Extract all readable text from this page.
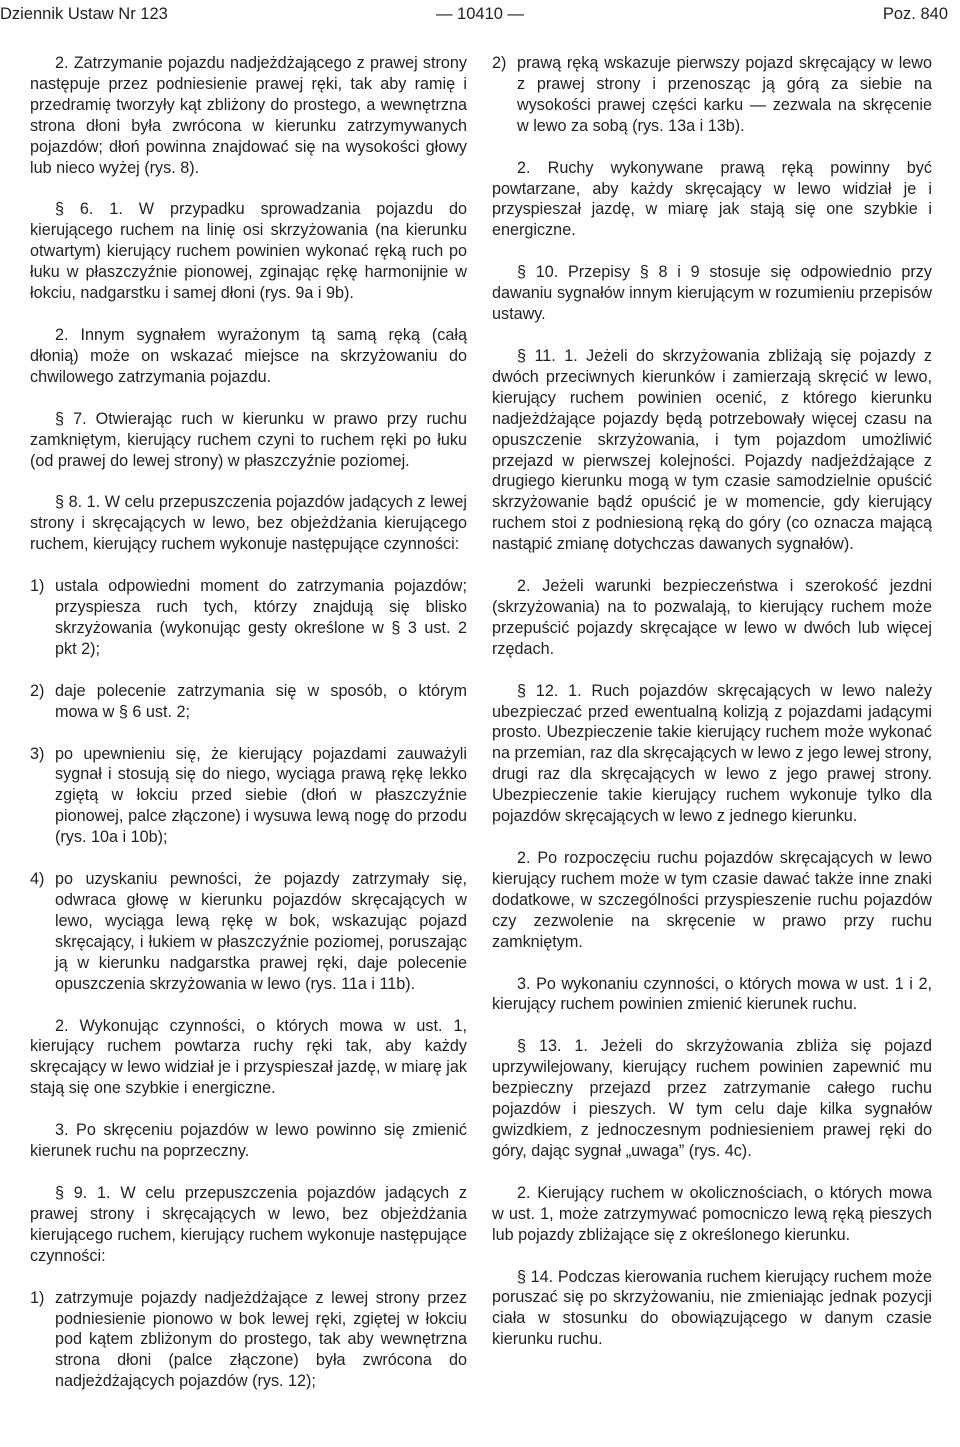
Dziennik Ustaw Nr 123	— 10410 —	Poz. 840

2. Zatrzymanie pojazdu nadjeżdżającego z prawej strony następuje przez podniesienie prawej ręki, tak aby ramię i przedramię tworzyły kąt zbliżony do prostego, a wewnętrzna strona dłoni była zwrócona w kierunku zatrzymywanych pojazdów; dłoń powinna znajdować się na wysokości głowy lub nieco wyżej (rys. 8).

§ 6. 1. W przypadku sprowadzania pojazdu do kierującego ruchem na linię osi skrzyżowania (na kierunku otwartym) kierujący ruchem powinien wykonać ręką ruch po łuku w płaszczyźnie pionowej, zginając rękę harmonijnie w łokciu, nadgarstku i samej dłoni (rys. 9a i 9b).

2. Innym sygnałem wyrażonym tą samą ręką (całą dłonią) może on wskazać miejsce na skrzyżowaniu do chwilowego zatrzymania pojazdu.

§ 7. Otwierając ruch w kierunku w prawo przy ruchu zamkniętym, kierujący ruchem czyni to ruchem ręki po łuku (od prawej do lewej strony) w płaszczyźnie poziomej.

§ 8. 1. W celu przepuszczenia pojazdów jadących z lewej strony i skręcających w lewo, bez objeżdżania kierującego ruchem, kierujący ruchem wykonuje następujące czynności:

1) ustala odpowiedni moment do zatrzymania pojazdów; przyspiesza ruch tych, którzy znajdują się blisko skrzyżowania (wykonując gesty określone w § 3 ust. 2 pkt 2);

2) daje polecenie zatrzymania się w sposób, o którym mowa w § 6 ust. 2;

3) po upewnieniu się, że kierujący pojazdami zauważyli sygnał i stosują się do niego, wyciąga prawą rękę lekko zgiętą w łokciu przed siebie (dłoń w płaszczyźnie pionowej, palce złączone) i wysuwa lewą nogę do przodu (rys. 10a i 10b);

4) po uzyskaniu pewności, że pojazdy zatrzymały się, odwraca głowę w kierunku pojazdów skręcających w lewo, wyciąga lewą rękę w bok, wskazując pojazd skręcający, i łukiem w płaszczyźnie poziomej, poruszając ją w kierunku nadgarstka prawej ręki, daje polecenie opuszczenia skrzyżowania w lewo (rys. 11a i 11b).

2. Wykonując czynności, o których mowa w ust. 1, kierujący ruchem powtarza ruchy ręki tak, aby każdy skręcający w lewo widział je i przyspieszał jazdę, w miarę jak stają się one szybkie i energiczne.

3. Po skręceniu pojazdów w lewo powinno się zmienić kierunek ruchu na poprzeczny.

§ 9. 1. W celu przepuszczenia pojazdów jadących z prawej strony i skręcających w lewo, bez objeżdżania kierującego ruchem, kierujący ruchem wykonuje następujące czynności:

1) zatrzymuje pojazdy nadjeżdżające z lewej strony przez podniesienie pionowo w bok lewej ręki, zgiętej w łokciu pod kątem zbliżonym do prostego, tak aby wewnętrzna strona dłoni (palce złączone) była zwrócona do nadjeżdżających pojazdów (rys. 12);

2) prawą ręką wskazuje pierwszy pojazd skręcający w lewo z prawej strony i przenosząc ją górą za siebie na wysokości prawej części karku — zezwala na skręcenie w lewo za sobą (rys. 13a i 13b).

2. Ruchy wykonywane prawą ręką powinny być powtarzane, aby każdy skręcający w lewo widział je i przyspieszał jazdę, w miarę jak stają się one szybkie i energiczne.

§ 10. Przepisy § 8 i 9 stosuje się odpowiednio przy dawaniu sygnałów innym kierującym w rozumieniu przepisów ustawy.

§ 11. 1. Jeżeli do skrzyżowania zbliżają się pojazdy z dwóch przeciwnych kierunków i zamierzają skręcić w lewo, kierujący ruchem powinien ocenić, z którego kierunku nadjeżdżające pojazdy będą potrzebowały więcej czasu na opuszczenie skrzyżowania, i tym pojazdom umożliwić przejazd w pierwszej kolejności. Pojazdy nadjeżdżające z drugiego kierunku mogą w tym czasie samodzielnie opuścić skrzyżowanie bądź opuścić je w momencie, gdy kierujący ruchem stoi z podniesioną ręką do góry (co oznacza mającą nastąpić zmianę dotychczas dawanych sygnałów).

2. Jeżeli warunki bezpieczeństwa i szerokość jezdni (skrzyżowania) na to pozwalają, to kierujący ruchem może przepuścić pojazdy skręcające w lewo w dwóch lub więcej rzędach.

§ 12. 1. Ruch pojazdów skręcających w lewo należy ubezpieczać przed ewentualną kolizją z pojazdami jadącymi prosto. Ubezpieczenie takie kierujący ruchem może wykonać na przemian, raz dla skręcających w lewo z jego lewej strony, drugi raz dla skręcających w lewo z jego prawej strony. Ubezpieczenie takie kierujący ruchem wykonuje tylko dla pojazdów skręcających w lewo z jednego kierunku.

2. Po rozpoczęciu ruchu pojazdów skręcających w lewo kierujący ruchem może w tym czasie dawać także inne znaki dodatkowe, w szczególności przyspieszenie ruchu pojazdów czy zezwolenie na skręcenie w prawo przy ruchu zamkniętym.

3. Po wykonaniu czynności, o których mowa w ust. 1 i 2, kierujący ruchem powinien zmienić kierunek ruchu.

§ 13. 1. Jeżeli do skrzyżowania zbliża się pojazd uprzywilejowany, kierujący ruchem powinien zapewnić mu bezpieczny przejazd przez zatrzymanie całego ruchu pojazdów i pieszych. W tym celu daje kilka sygnałów gwizdkiem, z jednoczesnym podniesieniem prawej ręki do góry, dając sygnał „uwaga” (rys. 4c).

2. Kierujący ruchem w okolicznościach, o których mowa w ust. 1, może zatrzymywać pomocniczo lewą ręką pieszych lub pojazdy zbliżające się z określonego kierunku.

§ 14. Podczas kierowania ruchem kierujący ruchem może poruszać się po skrzyżowaniu, nie zmieniając jednak pozycji ciała w stosunku do obowiązującego w danym czasie kierunku ruchu.
